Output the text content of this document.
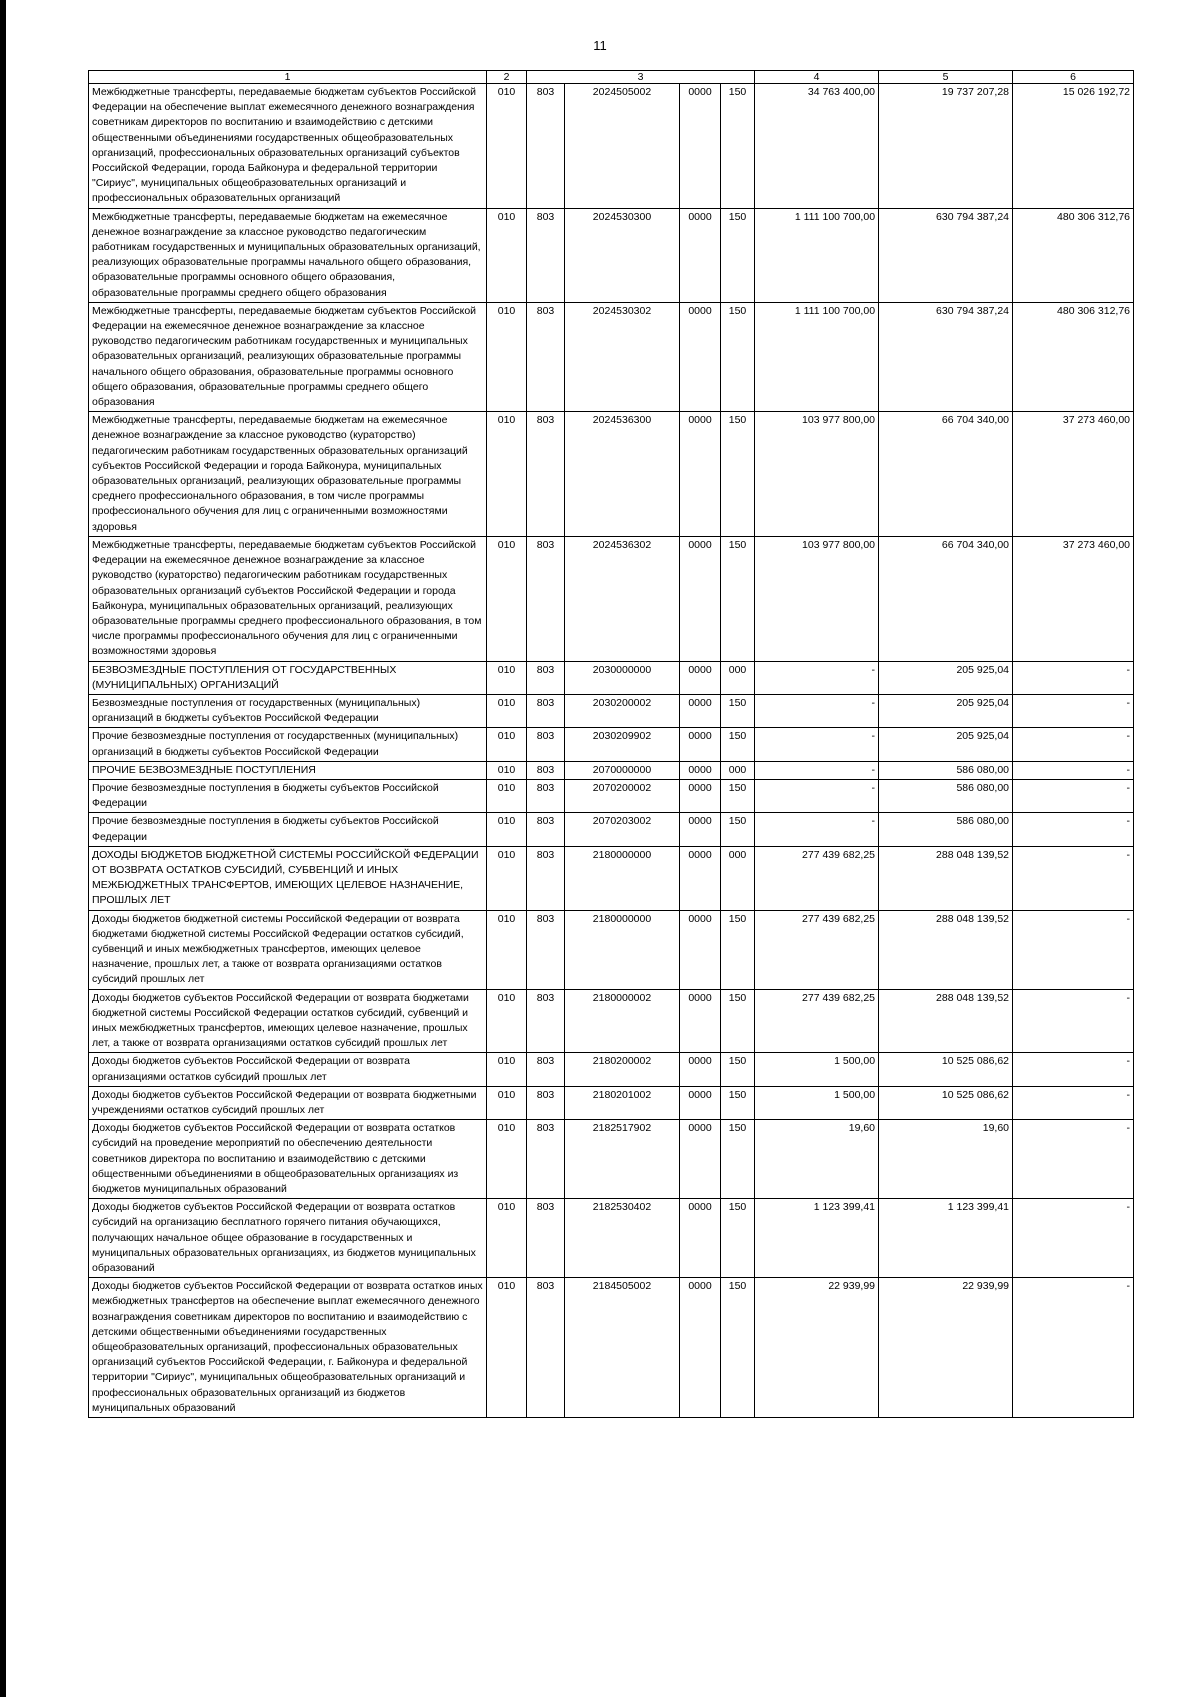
11
1	2	3				4	5	6
Межбюджетные трансферты, передаваемые бюджетам субъектов Российской Федерации на обеспечение выплат ежемесячного денежного вознаграждения советникам директоров по воспитанию и взаимодействию с детскими общественными объединениями государственных общеобразовательных организаций, профессиональных образовательных организаций субъектов Российской Федерации, города Байконура и федеральной территории "Сириус", муниципальных общеобразовательных организаций и профессиональных образовательных организаций	010	803	2024505002	0000	150	34 763 400,00	19 737 207,28	15 026 192,72
Межбюджетные трансферты, передаваемые бюджетам на ежемесячное денежное вознаграждение за классное руководство педагогическим работникам государственных и муниципальных образовательных организаций, реализующих образовательные программы начального общего образования, образовательные программы основного общего образования, образовательные программы среднего общего образования	010	803	2024530300	0000	150	1 111 100 700,00	630 794 387,24	480 306 312,76
Межбюджетные трансферты, передаваемые бюджетам субъектов Российской Федерации на ежемесячное денежное вознаграждение за классное руководство педагогическим работникам государственных и муниципальных образовательных организаций, реализующих образовательные программы начального общего образования, образовательные программы основного общего образования, образовательные программы среднего общего образования	010	803	2024530302	0000	150	1 111 100 700,00	630 794 387,24	480 306 312,76
Межбюджетные трансферты, передаваемые бюджетам на ежемесячное денежное вознаграждение за классное руководство (кураторство) педагогическим работникам государственных образовательных организаций субъектов Российской Федерации и города Байконура, муниципальных образовательных организаций, реализующих образовательные программы среднего профессионального образования, в том числе программы профессионального обучения для лиц с ограниченными возможностями здоровья	010	803	2024536300	0000	150	103 977 800,00	66 704 340,00	37 273 460,00
Межбюджетные трансферты, передаваемые бюджетам субъектов Российской Федерации на ежемесячное денежное вознаграждение за классное руководство (кураторство) педагогическим работникам государственных образовательных организаций субъектов Российской Федерации и города Байконура, муниципальных образовательных организаций, реализующих образовательные программы среднего профессионального образования, в том числе программы профессионального обучения для лиц с ограниченными возможностями здоровья	010	803	2024536302	0000	150	103 977 800,00	66 704 340,00	37 273 460,00
БЕЗВОЗМЕЗДНЫЕ ПОСТУПЛЕНИЯ ОТ ГОСУДАРСТВЕННЫХ (МУНИЦИПАЛЬНЫХ) ОРГАНИЗАЦИЙ	010	803	2030000000	0000	000	-	205 925,04	-
Безвозмездные поступления от государственных (муниципальных) организаций в бюджеты субъектов Российской Федерации	010	803	2030200002	0000	150	-	205 925,04	-
Прочие безвозмездные поступления от государственных (муниципальных) организаций в бюджеты субъектов Российской Федерации	010	803	2030209902	0000	150	-	205 925,04	-
ПРОЧИЕ БЕЗВОЗМЕЗДНЫЕ ПОСТУПЛЕНИЯ	010	803	2070000000	0000	000	-	586 080,00	-
Прочие безвозмездные поступления в бюджеты субъектов Российской Федерации	010	803	2070200002	0000	150	-	586 080,00	-
Прочие безвозмездные поступления в бюджеты субъектов Российской Федерации	010	803	2070203002	0000	150	-	586 080,00	-
ДОХОДЫ БЮДЖЕТОВ БЮДЖЕТНОЙ СИСТЕМЫ РОССИЙСКОЙ ФЕДЕРАЦИИ ОТ ВОЗВРАТА ОСТАТКОВ СУБСИДИЙ, СУБВЕНЦИЙ И ИНЫХ МЕЖБЮДЖЕТНЫХ ТРАНСФЕРТОВ, ИМЕЮЩИХ ЦЕЛЕВОЕ НАЗНАЧЕНИЕ, ПРОШЛЫХ ЛЕТ	010	803	2180000000	0000	000	277 439 682,25	288 048 139,52	-
Доходы бюджетов бюджетной системы Российской Федерации от возврата бюджетами бюджетной системы Российской Федерации остатков субсидий, субвенций и иных межбюджетных трансфертов, имеющих целевое назначение, прошлых лет, а также от возврата организациями остатков субсидий прошлых лет	010	803	2180000000	0000	150	277 439 682,25	288 048 139,52	-
Доходы бюджетов субъектов Российской Федерации от возврата бюджетами бюджетной системы Российской Федерации остатков субсидий, субвенций и иных межбюджетных трансфертов, имеющих целевое назначение, прошлых лет, а также от возврата организациями остатков субсидий прошлых лет	010	803	2180000002	0000	150	277 439 682,25	288 048 139,52	-
Доходы бюджетов субъектов Российской Федерации от возврата организациями остатков субсидий прошлых лет	010	803	2180200002	0000	150	1 500,00	10 525 086,62	-
Доходы бюджетов субъектов Российской Федерации от возврата бюджетными учреждениями остатков субсидий прошлых лет	010	803	2180201002	0000	150	1 500,00	10 525 086,62	-
Доходы бюджетов субъектов Российской Федерации от возврата остатков субсидий на проведение мероприятий по обеспечению деятельности советников директора по воспитанию и взаимодействию с детскими общественными объединениями в общеобразовательных организациях из бюджетов муниципальных образований	010	803	2182517902	0000	150	19,60	19,60	-
Доходы бюджетов субъектов Российской Федерации от возврата остатков субсидий на организацию бесплатного горячего питания обучающихся, получающих начальное общее образование в государственных и муниципальных образовательных организациях, из бюджетов муниципальных образований	010	803	2182530402	0000	150	1 123 399,41	1 123 399,41	-
Доходы бюджетов субъектов Российской Федерации от возврата остатков иных межбюджетных трансфертов на обеспечение выплат ежемесячного денежного вознаграждения советникам директоров по воспитанию и взаимодействию с детскими общественными объединениями государственных общеобразовательных организаций, профессиональных образовательных организаций субъектов Российской Федерации, г. Байконура и федеральной территории "Сириус", муниципальных общеобразовательных организаций и профессиональных образовательных организаций из бюджетов муниципальных образований	010	803	2184505002	0000	150	22 939,99	22 939,99	-
